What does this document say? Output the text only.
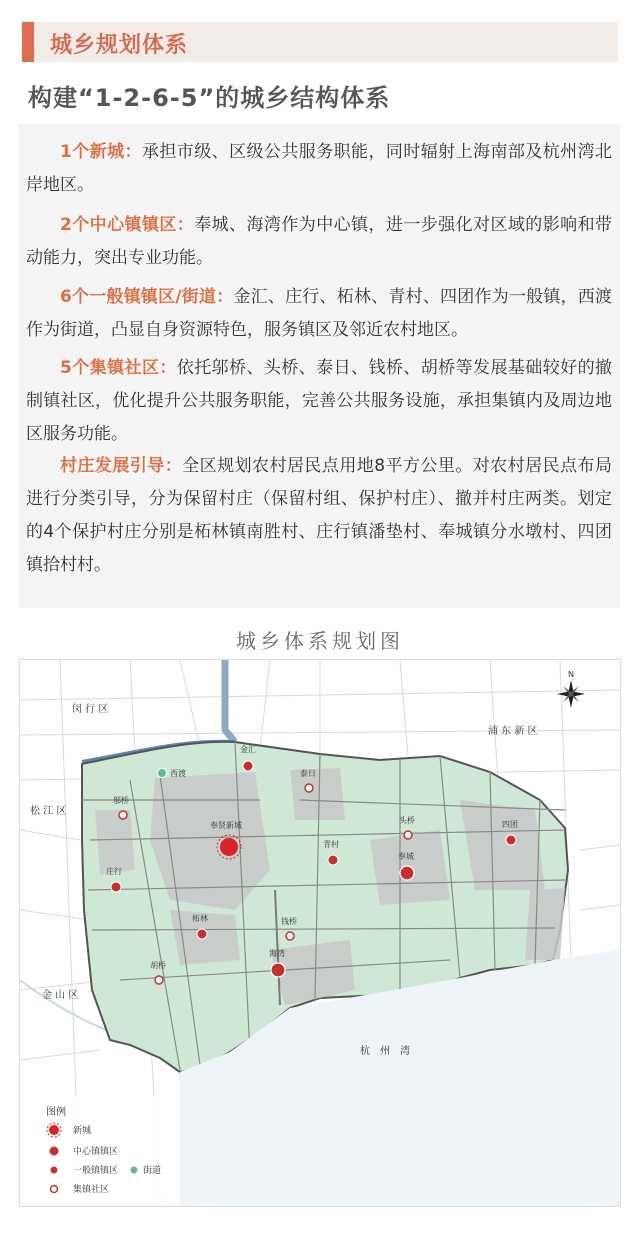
城乡规划体系
构建“1-2-6-5”的城乡结构体系

1个新城：承担市级、区级公共服务职能，同时辐射上海南部及杭州湾北岸地区。

2个中心镇镇区：奉城、海湾作为中心镇，进一步强化对区域的影响和带动能力，突出专业功能。

6个一般镇镇区/街道：金汇、庄行、柘林、青村、四团作为一般镇，西渡作为街道，凸显自身资源特色，服务镇区及邻近农村地区。

5个集镇社区：依托邬桥、头桥、泰日、钱桥、胡桥等发展基础较好的撤制镇社区，优化提升公共服务职能，完善公共服务设施，承担集镇内及周边地区服务功能。

村庄发展引导：全区规划农村居民点用地8平方公里。对农村居民点布局进行分类引导，分为保留村庄（保留村组、保护村庄）、撤并村庄两类。划定的4个保护村庄分别是柘林镇南胜村、庄行镇潘垫村、奉城镇分水墩村、四团镇拾村村。

城乡体系规划图
闵 行 区
松 江 区
浦 东 新 区
金 山 区
杭　州　湾
N
奉贤新城
奉城
海湾
金汇
庄行
柘林
青村
四团
西渡
邬桥
头桥
泰日
钱桥
胡桥
图例
新城
中心镇镇区
一般镇镇区	街道
集镇社区
